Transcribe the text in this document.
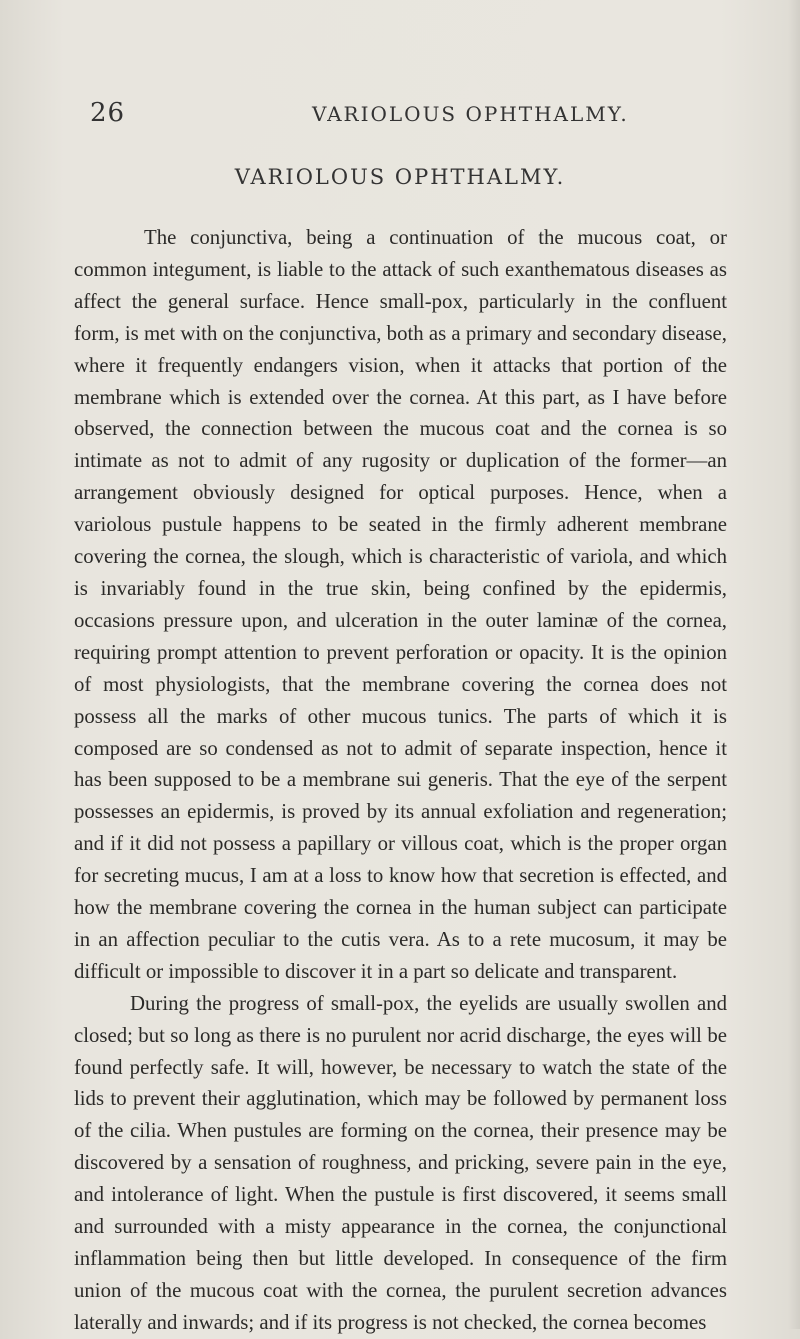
26	VARIOLOUS OPHTHALMY.
VARIOLOUS OPHTHALMY.

The conjunctiva, being a continuation of the mucous coat, or common integument, is liable to the attack of such exanthematous diseases as affect the general surface. Hence small-pox, particularly in the confluent form, is met with on the conjunctiva, both as a primary and secondary disease, where it frequently endangers vision, when it attacks that portion of the membrane which is extended over the cornea. At this part, as I have before observed, the connection between the mucous coat and the cornea is so intimate as not to admit of any rugosity or duplication of the former—an arrangement obviously designed for optical purposes. Hence, when a variolous pustule happens to be seated in the firmly adherent membrane covering the cornea, the slough, which is characteristic of variola, and which is invariably found in the true skin, being confined by the epidermis, occasions pressure upon, and ulceration in the outer laminæ of the cornea, requiring prompt attention to prevent perforation or opacity. It is the opinion of most physiologists, that the membrane covering the cornea does not possess all the marks of other mucous tunics. The parts of which it is composed are so condensed as not to admit of separate inspection, hence it has been supposed to be a membrane sui generis. That the eye of the serpent possesses an epidermis, is proved by its annual exfoliation and regeneration; and if it did not possess a papillary or villous coat, which is the proper organ for secreting mucus, I am at a loss to know how that secretion is effected, and how the membrane covering the cornea in the human subject can participate in an affection peculiar to the cutis vera. As to a rete mucosum, it may be difficult or impossible to discover it in a part so delicate and transparent.

During the progress of small-pox, the eyelids are usually swollen and closed; but so long as there is no purulent nor acrid discharge, the eyes will be found perfectly safe. It will, however, be necessary to watch the state of the lids to prevent their agglutination, which may be followed by permanent loss of the cilia. When pustules are forming on the cornea, their presence may be discovered by a sensation of roughness, and pricking, severe pain in the eye, and intolerance of light. When the pustule is first discovered, it seems small and surrounded with a misty appearance in the cornea, the conjunctional inflammation being then but little developed. In consequence of the firm union of the mucous coat with the cornea, the purulent secretion advances laterally and inwards; and if its progress is not checked, the cornea becomes
